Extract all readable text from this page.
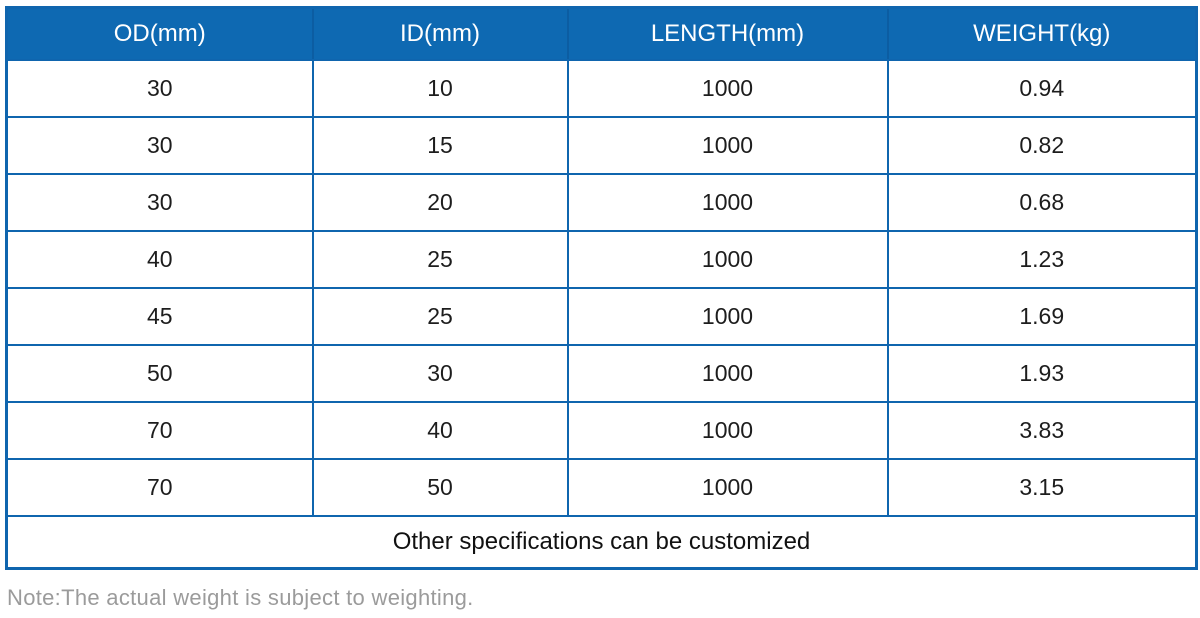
OD(mm)	ID(mm)	LENGTH(mm)	WEIGHT(kg)
30	10	1000	0.94
30	15	1000	0.82
30	20	1000	0.68
40	25	1000	1.23
45	25	1000	1.69
50	30	1000	1.93
70	40	1000	3.83
70	50	1000	3.15
Other specifications can be customized			
Note:The actual weight is subject to weighting.
